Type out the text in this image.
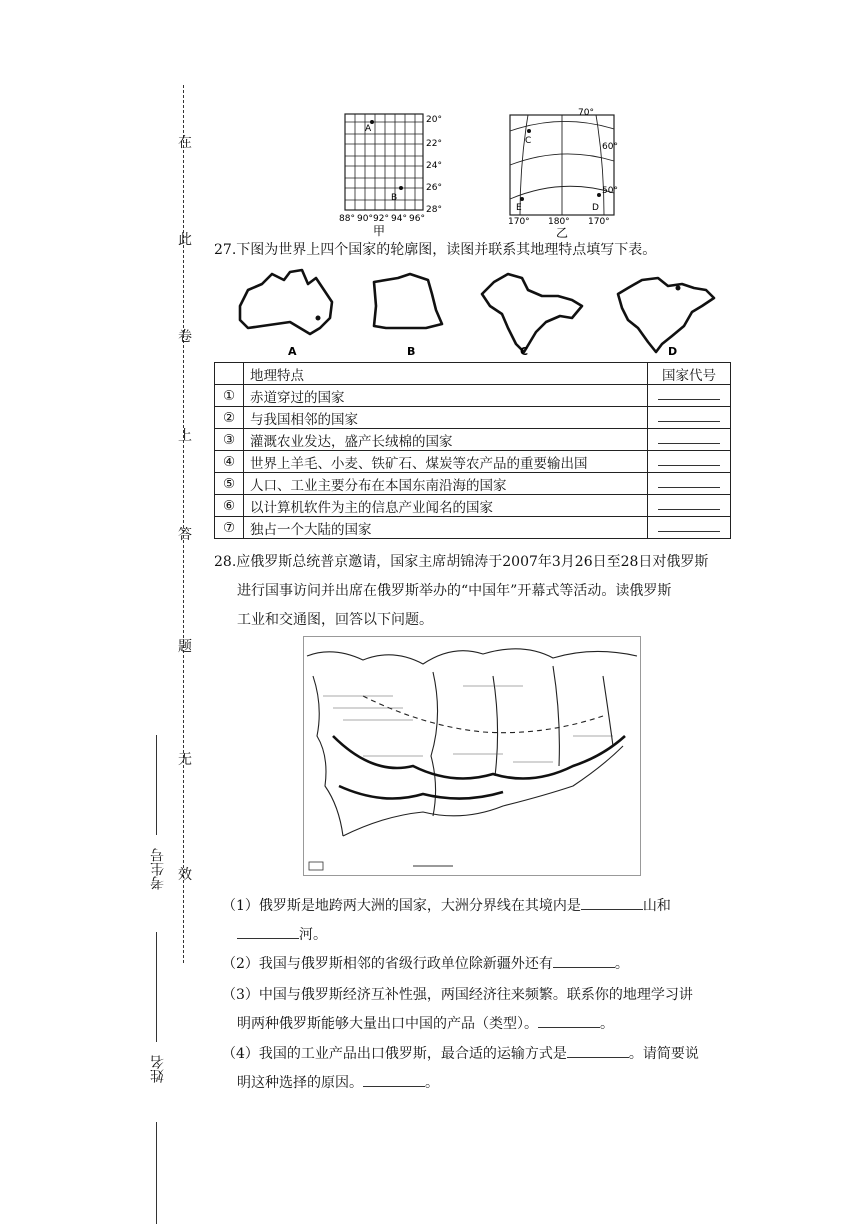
在
此
卷
上
答
题
无
效
考生号
姓名
A
B
20°
22°
24°
26°
28°
88° 90° 92° 94° 96°
甲
C
E	D
70°
60°
50°
170° 180° 170°
乙
27.下图为世界上四个国家的轮廓图，读图并联系其地理特点填写下表。
A	B	C	D
	地理特点	国家代号
①	赤道穿过的国家	
②	与我国相邻的国家	
③	灌溉农业发达，盛产长绒棉的国家	
④	世界上羊毛、小麦、铁矿石、煤炭等农产品的重要输出国	
⑤	人口、工业主要分布在本国东南沿海的国家	
⑥	以计算机软件为主的信息产业闻名的国家	
⑦	独占一个大陆的国家	
28.应俄罗斯总统普京邀请，国家主席胡锦涛于2007年3月26日至28日对俄罗斯
进行国事访问并出席在俄罗斯举办的“中国年”开幕式等活动。读俄罗斯
工业和交通图，回答以下问题。
（1）俄罗斯是地跨两大洲的国家，大洲分界线在其境内是	山和
河。
（2）我国与俄罗斯相邻的省级行政单位除新疆外还有	。
（3）中国与俄罗斯经济互补性强，两国经济往来频繁。联系你的地理学习讲
明两种俄罗斯能够大量出口中国的产品（类型）。	。
（4）我国的工业产品出口俄罗斯，最合适的运输方式是	。请简要说
明这种选择的原因。	。
